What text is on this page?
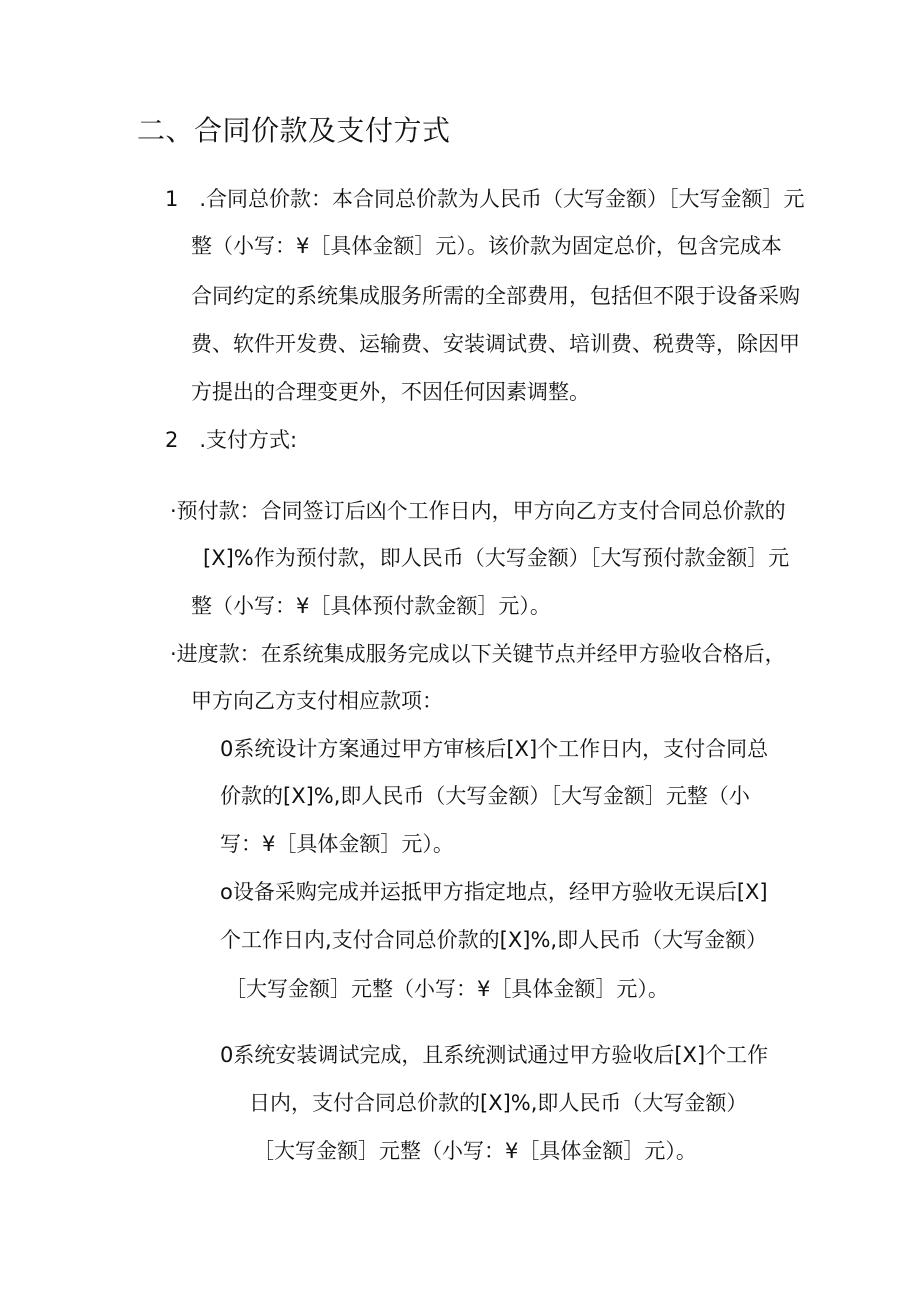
二、合同价款及支付方式
1　.合同总价款：本合同总价款为人民币（大写金额）［大写金额］元
整（小写：¥［具体金额］元）。该价款为固定总价，包含完成本
合同约定的系统集成服务所需的全部费用，包括但不限于设备采购
费、软件开发费、运输费、安装调试费、培训费、税费等，除因甲
方提出的合理变更外，不因任何因素调整。
2　.支付方式:
·预付款：合同签订后凶个工作日内，甲方向乙方支付合同总价款的
[X]%作为预付款，即人民币（大写金额）［大写预付款金额］元
整（小写：¥［具体预付款金额］元）。
·进度款：在系统集成服务完成以下关键节点并经甲方验收合格后，
甲方向乙方支付相应款项：
0系统设计方案通过甲方审核后[X]个工作日内，支付合同总
价款的[X]%,即人民币（大写金额）［大写金额］元整（小
写：¥［具体金额］元）。
o设备采购完成并运抵甲方指定地点，经甲方验收无误后[X]
个工作日内,支付合同总价款的[X]%,即人民币（大写金额）
［大写金额］元整（小写：¥［具体金额］元）。
0系统安装调试完成，且系统测试通过甲方验收后[X]个工作
日内，支付合同总价款的[X]%,即人民币（大写金额）
［大写金额］元整（小写：¥［具体金额］元）。
